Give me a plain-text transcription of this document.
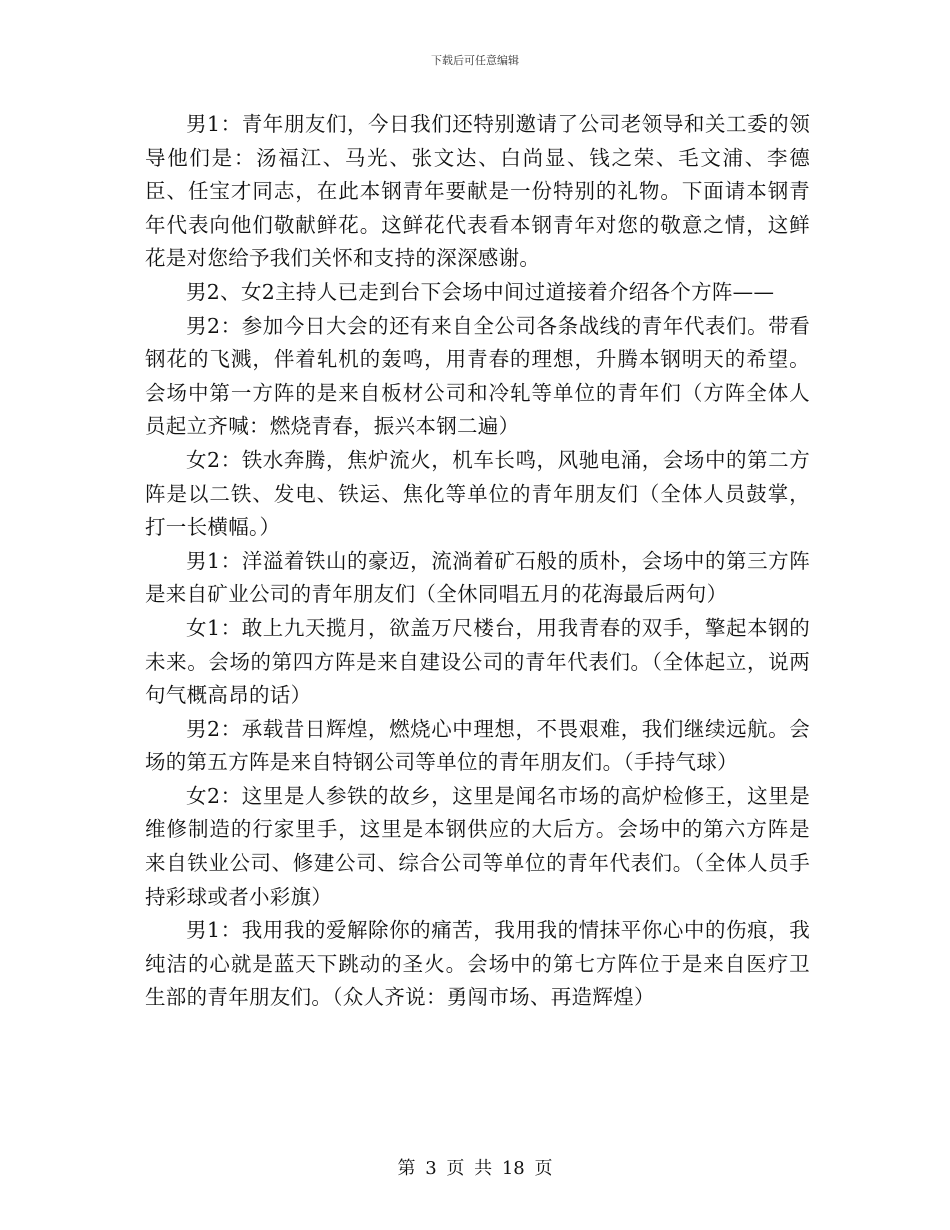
下载后可任意编辑

男1：青年朋友们，今日我们还特别邀请了公司老领导和关工委的领导他们是：汤福江、马光、张文达、白尚显、钱之荣、毛文浦、李德臣、任宝才同志，在此本钢青年要献是一份特别的礼物。下面请本钢青年代表向他们敬献鲜花。这鲜花代表看本钢青年对您的敬意之情，这鲜花是对您给予我们关怀和支持的深深感谢。

男2、女2主持人已走到台下会场中间过道接着介绍各个方阵——

男2：参加今日大会的还有来自全公司各条战线的青年代表们。带看钢花的飞溅，伴着轧机的轰鸣，用青春的理想，升腾本钢明天的希望。会场中第一方阵的是来自板材公司和冷轧等单位的青年们（方阵全体人员起立齐喊：燃烧青春，振兴本钢二遍）

女2：铁水奔腾，焦炉流火，机车长鸣，风驰电涌，会场中的第二方阵是以二铁、发电、铁运、焦化等单位的青年朋友们（全体人员鼓掌，打一长横幅。）

男1：洋溢着铁山的豪迈，流淌着矿石般的质朴，会场中的第三方阵是来自矿业公司的青年朋友们（全休同唱五月的花海最后两句）

女1：敢上九天揽月，欲盖万尺楼台，用我青春的双手，擎起本钢的未来。会场的第四方阵是来自建设公司的青年代表们。（全体起立，说两句气概高昂的话）

男2：承载昔日辉煌，燃烧心中理想，不畏艰难，我们继续远航。会场的第五方阵是来自特钢公司等单位的青年朋友们。（手持气球）

女2：这里是人参铁的故乡，这里是闻名市场的高炉检修王，这里是维修制造的行家里手，这里是本钢供应的大后方。会场中的第六方阵是来自铁业公司、修建公司、综合公司等单位的青年代表们。（全体人员手持彩球或者小彩旗）

男1：我用我的爱解除你的痛苦，我用我的情抹平你心中的伤痕，我纯洁的心就是蓝天下跳动的圣火。会场中的第七方阵位于是来自医疗卫生部的青年朋友们。（众人齐说：勇闯市场、再造辉煌）

第 3 页 共 18 页
